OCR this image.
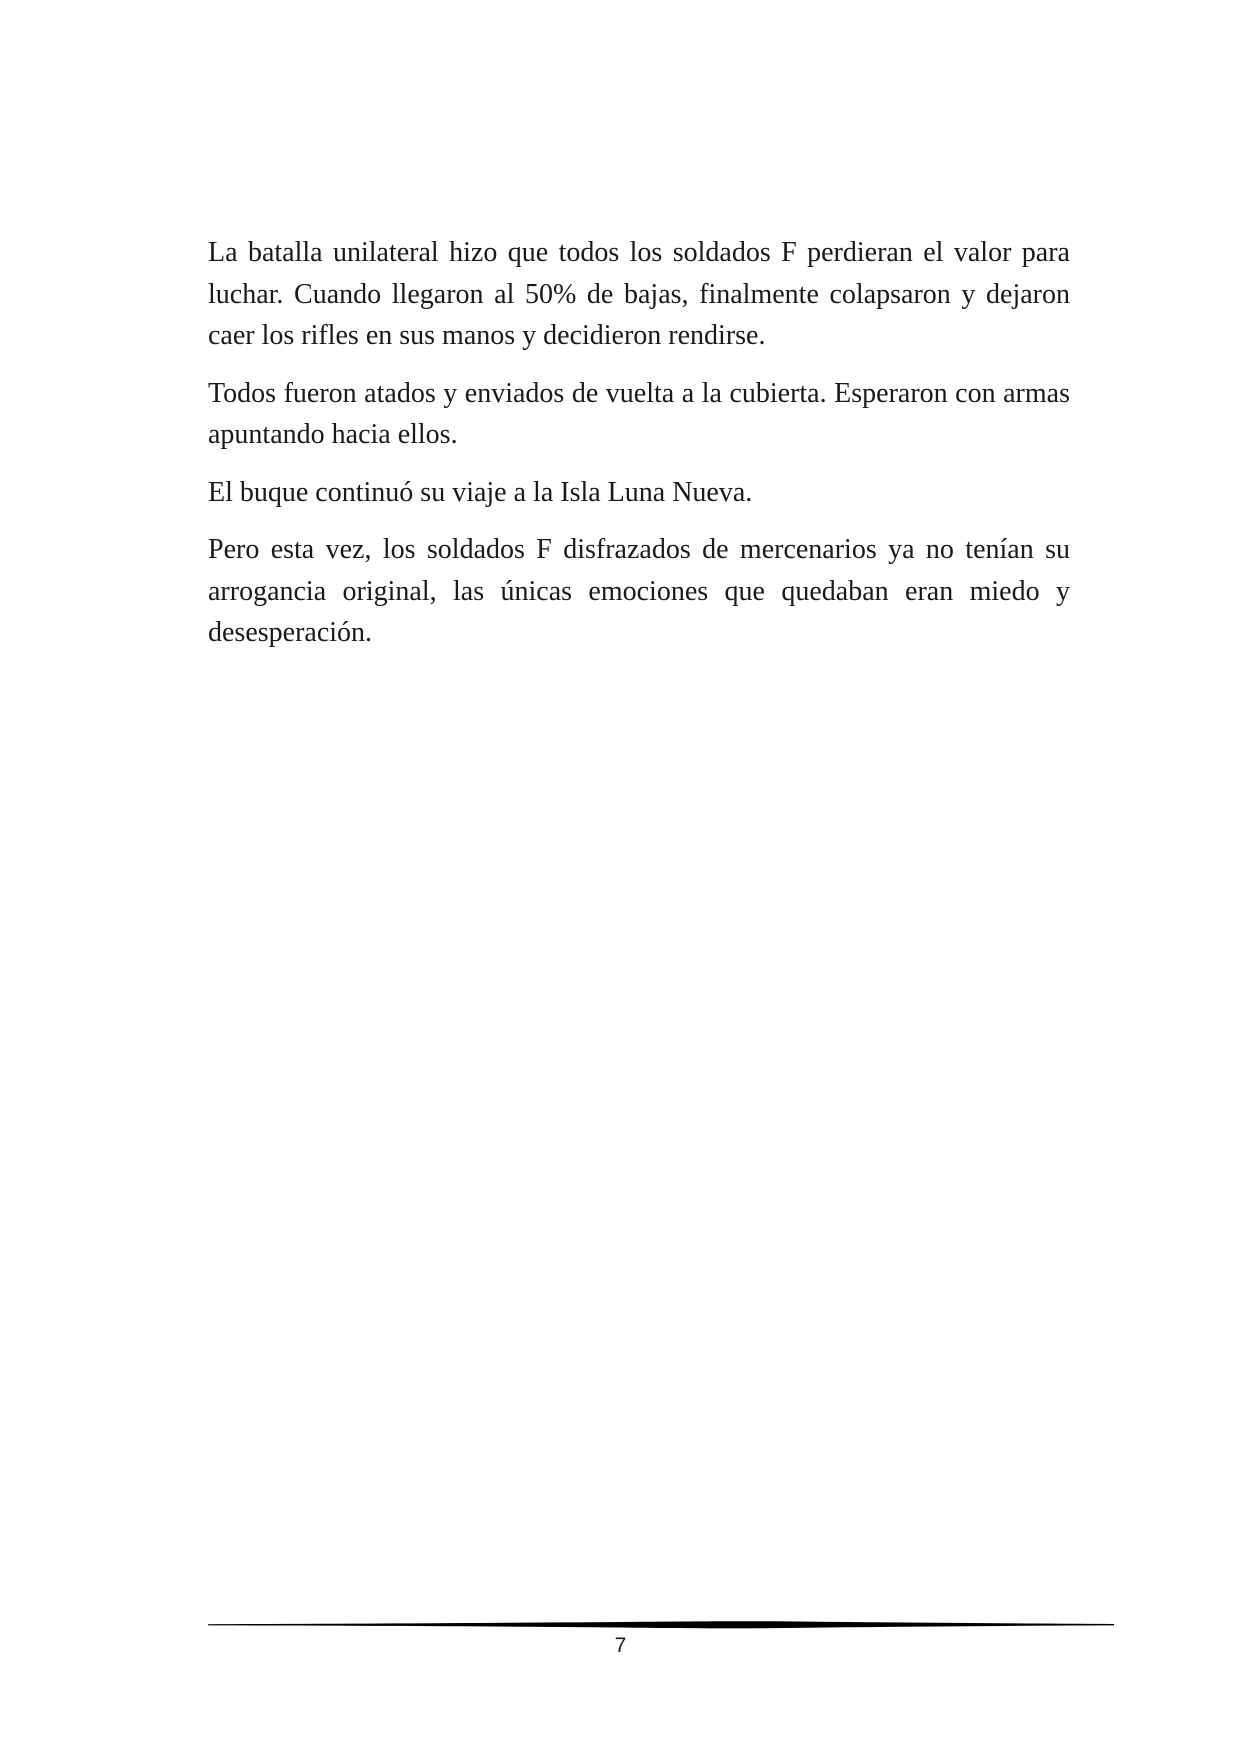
La batalla unilateral hizo que todos los soldados F perdieran el valor para luchar. Cuando llegaron al 50% de bajas, finalmente colapsaron y dejaron caer los rifles en sus manos y decidieron rendirse.

Todos fueron atados y enviados de vuelta a la cubierta. Esperaron con armas apuntando hacia ellos.

El buque continuó su viaje a la Isla Luna Nueva.

Pero esta vez, los soldados F disfrazados de mercenarios ya no tenían su arrogancia original, las únicas emociones que quedaban eran miedo y desesperación.

7
